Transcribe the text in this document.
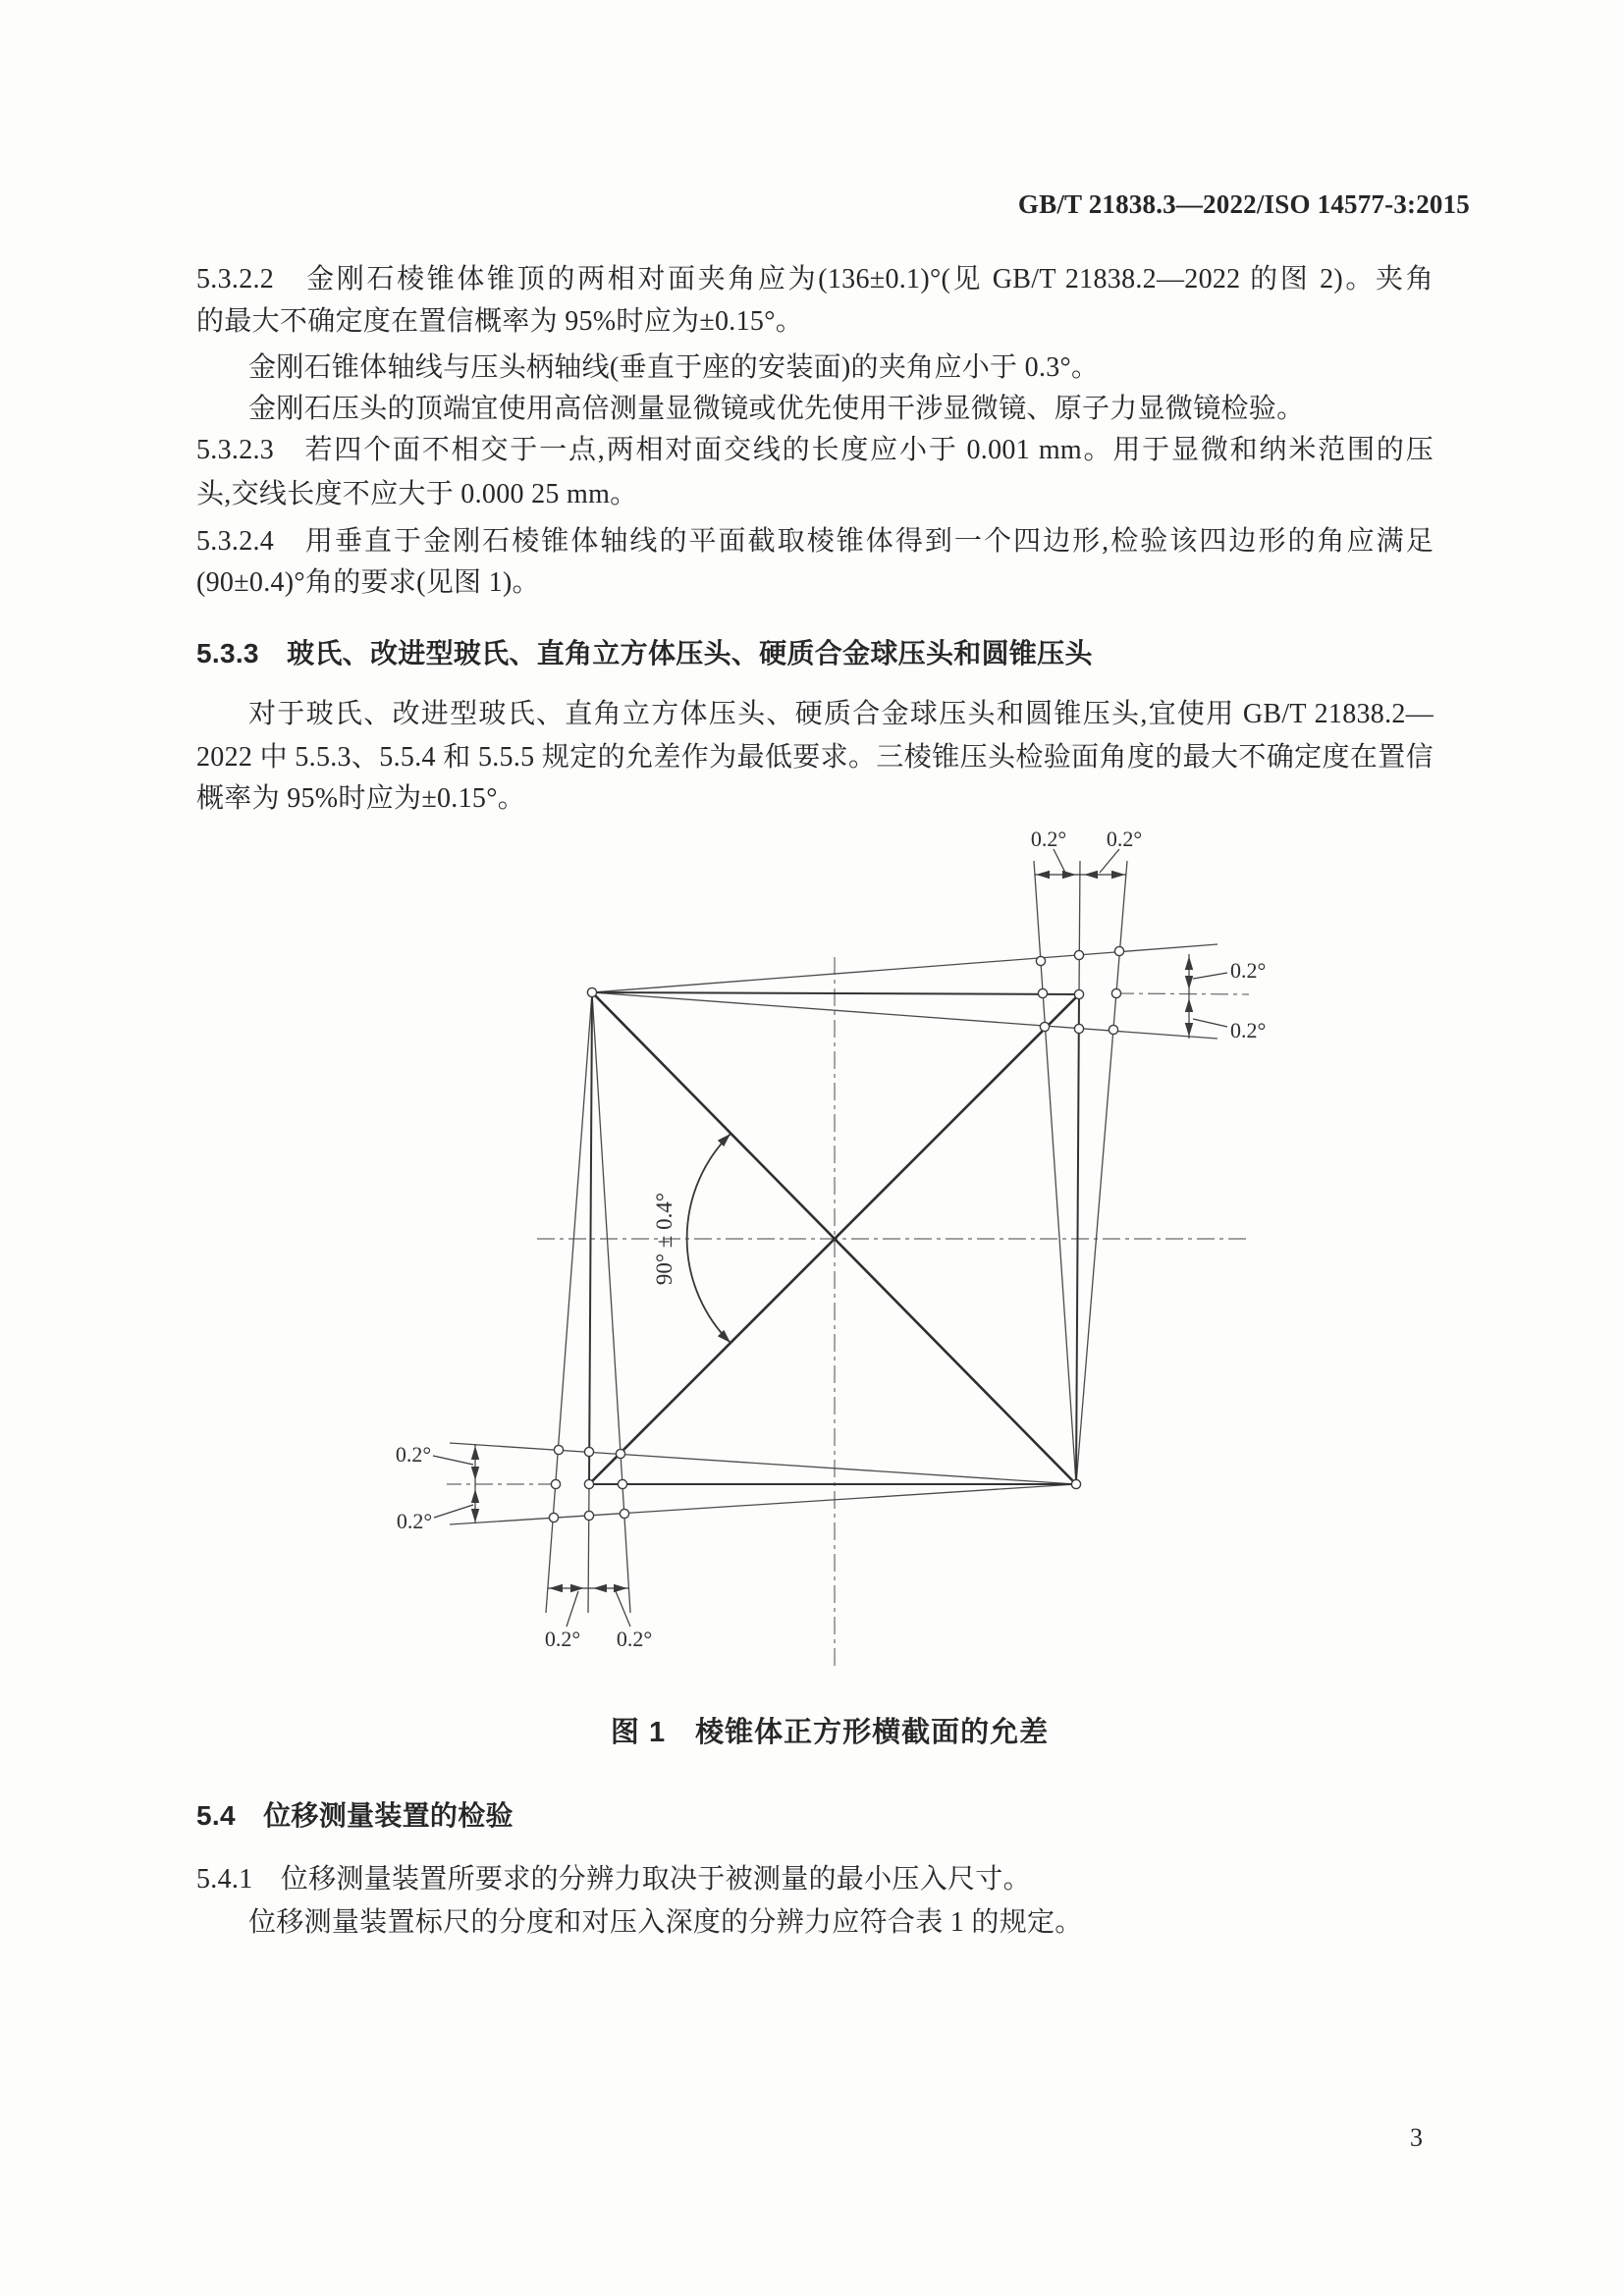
GB/T 21838.3—2022/ISO 14577-3:2015
5.3.2.2　金刚石棱锥体锥顶的两相对面夹角应为(136±0.1)°(见 GB/T 21838.2—2022 的图 2)。夹角
的最大不确定度在置信概率为 95%时应为±0.15°。
金刚石锥体轴线与压头柄轴线(垂直于座的安装面)的夹角应小于 0.3°。
金刚石压头的顶端宜使用高倍测量显微镜或优先使用干涉显微镜、原子力显微镜检验。
5.3.2.3　若四个面不相交于一点,两相对面交线的长度应小于 0.001 mm。用于显微和纳米范围的压
头,交线长度不应大于 0.000 25 mm。
5.3.2.4　用垂直于金刚石棱锥体轴线的平面截取棱锥体得到一个四边形,检验该四边形的角应满足
(90±0.4)°角的要求(见图 1)。
5.3.3　玻氏、改进型玻氏、直角立方体压头、硬质合金球压头和圆锥压头
对于玻氏、改进型玻氏、直角立方体压头、硬质合金球压头和圆锥压头,宜使用 GB/T 21838.2—
2022 中 5.5.3、5.5.4 和 5.5.5 规定的允差作为最低要求。三棱锥压头检验面角度的最大不确定度在置信
概率为 95%时应为±0.15°。
0.2° 0.2°
0.2°
0.2°
0.2°
0.2°
0.2° 0.2°
90° ± 0.4°
图 1　棱锥体正方形横截面的允差
5.4　位移测量装置的检验
5.4.1　位移测量装置所要求的分辨力取决于被测量的最小压入尺寸。
位移测量装置标尺的分度和对压入深度的分辨力应符合表 1 的规定。
3
